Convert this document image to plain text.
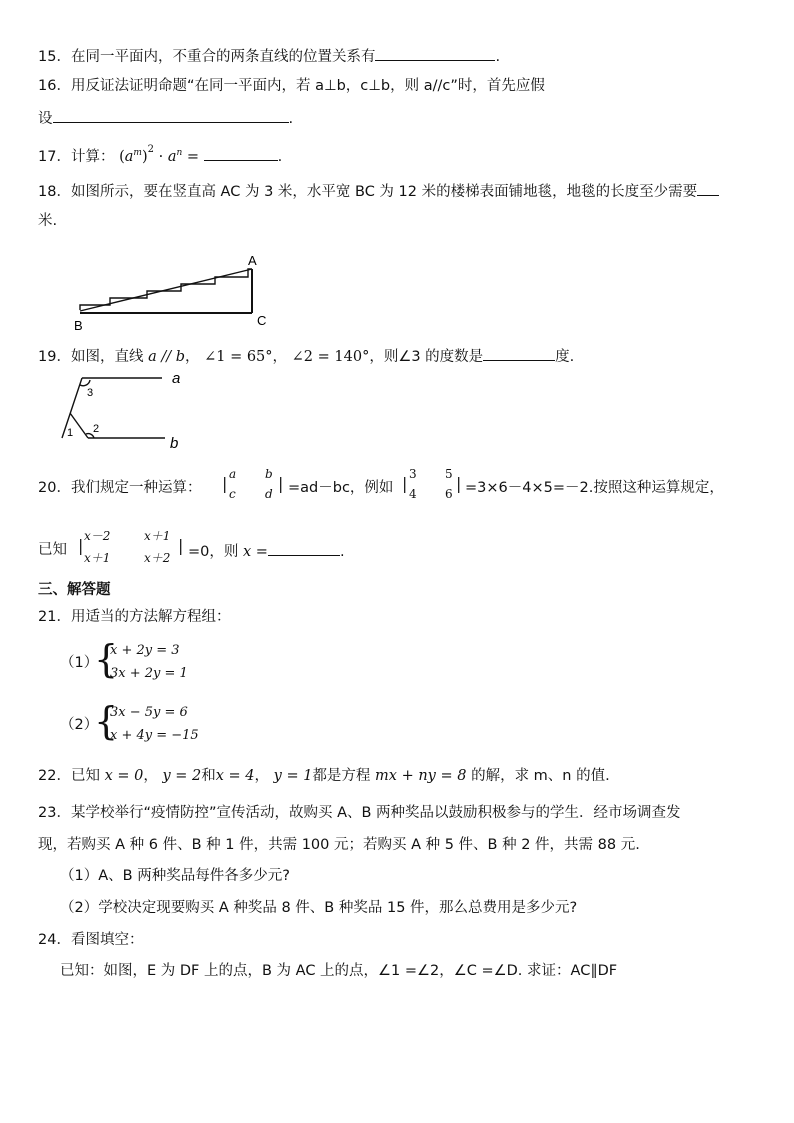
15．在同一平面内，不重合的两条直线的位置关系有	.
16．用反证法证明命题“在同一平面内，若 a⊥b，c⊥b，则 a//c”时，首先应假
设	.
17．计算： $(a^m)^2 \cdot a^n$ =	.
18．如图所示，要在竖直高 AC 为 3 米，水平宽 BC 为 12 米的楼梯表面铺地毯，地毯的长度至少需要
米.
A
B	C
19．如图，直线 a // b， ∠1 = 65°， ∠2 = 140°，则∠3 的度数是	度.
a
b
1 2
3
20．我们规定一种运算： | a b
c d
| =ad－bc，例如 | 3 5
4 6
| =3×6－4×5=－2.按照这种运算规定，
已知 | x－2	x＋1
x＋1	x＋2
| =0，则 x =	.
三、解答题
21．用适当的方法解方程组：
（1）
{
x + 2y = 3
3x + 2y = 1
（2）
{
3x − 5y = 6
x + 4y = −15
22．已知 x = 0， y = 2和x = 4， y = 1都是方程 mx + ny = 8 的解，求 m、n 的值.
23．某学校举行“疫情防控”宣传活动，故购买 A、B 两种奖品以鼓励积极参与的学生．经市场调查发
现，若购买 A 种 6 件、B 种 1 件，共需 100 元；若购买 A 种 5 件、B 种 2 件，共需 88 元.
（1）A、B 两种奖品每件各多少元?
（2）学校决定现要购买 A 种奖品 8 件、B 种奖品 15 件，那么总费用是多少元?
24．看图填空：
已知：如图，E 为 DF 上的点，B 为 AC 上的点，∠1 =∠2，∠C =∠D. 求证：AC∥DF
